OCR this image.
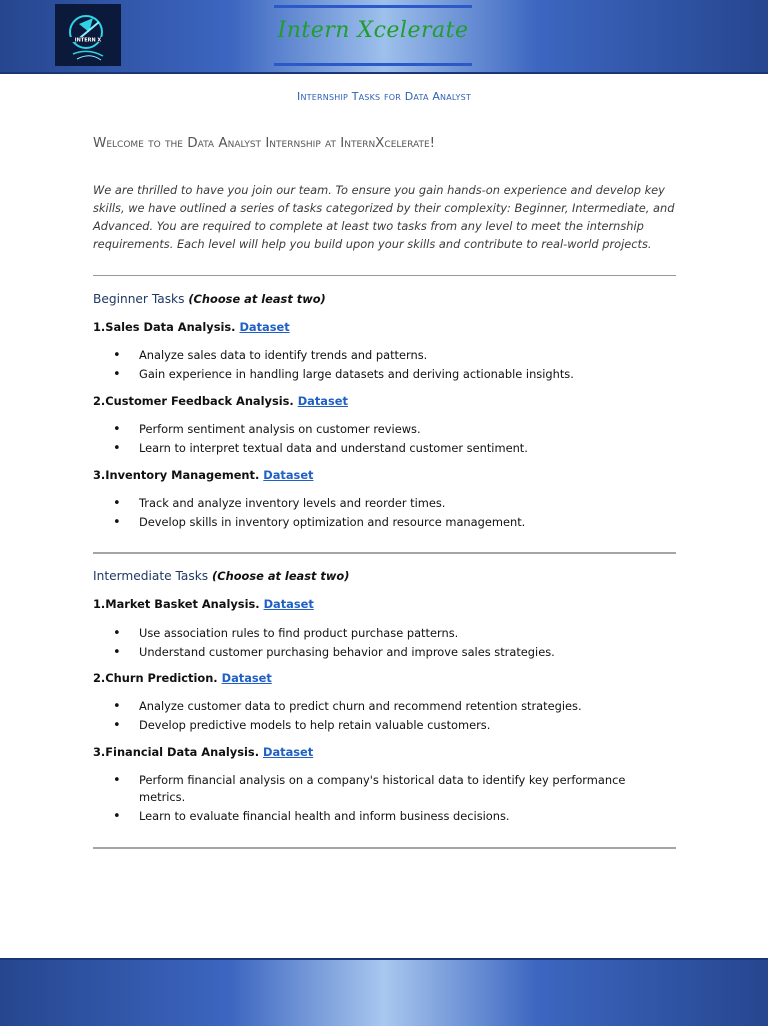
INTERN X	Intern Xcelerate
Internship Tasks for Data Analyst
Welcome to the Data Analyst Internship at InternXcelerate!
We are thrilled to have you join our team. To ensure you gain hands-on experience and develop key skills, we have outlined a series of tasks categorized by their complexity: Beginner, Intermediate, and Advanced. You are required to complete at least two tasks from any level to meet the internship requirements. Each level will help you build upon your skills and contribute to real-world projects.
Beginner Tasks (Choose at least two)
1.Sales Data Analysis. Dataset
• Analyze sales data to identify trends and patterns.
• Gain experience in handling large datasets and deriving actionable insights.
2.Customer Feedback Analysis. Dataset
• Perform sentiment analysis on customer reviews.
• Learn to interpret textual data and understand customer sentiment.
3.Inventory Management. Dataset
• Track and analyze inventory levels and reorder times.
• Develop skills in inventory optimization and resource management.
Intermediate Tasks (Choose at least two)
1.Market Basket Analysis. Dataset
• Use association rules to find product purchase patterns.
• Understand customer purchasing behavior and improve sales strategies.
2.Churn Prediction. Dataset
• Analyze customer data to predict churn and recommend retention strategies.
• Develop predictive models to help retain valuable customers.
3.Financial Data Analysis. Dataset
• Perform financial analysis on a company's historical data to identify key performance metrics.
• Learn to evaluate financial health and inform business decisions.
